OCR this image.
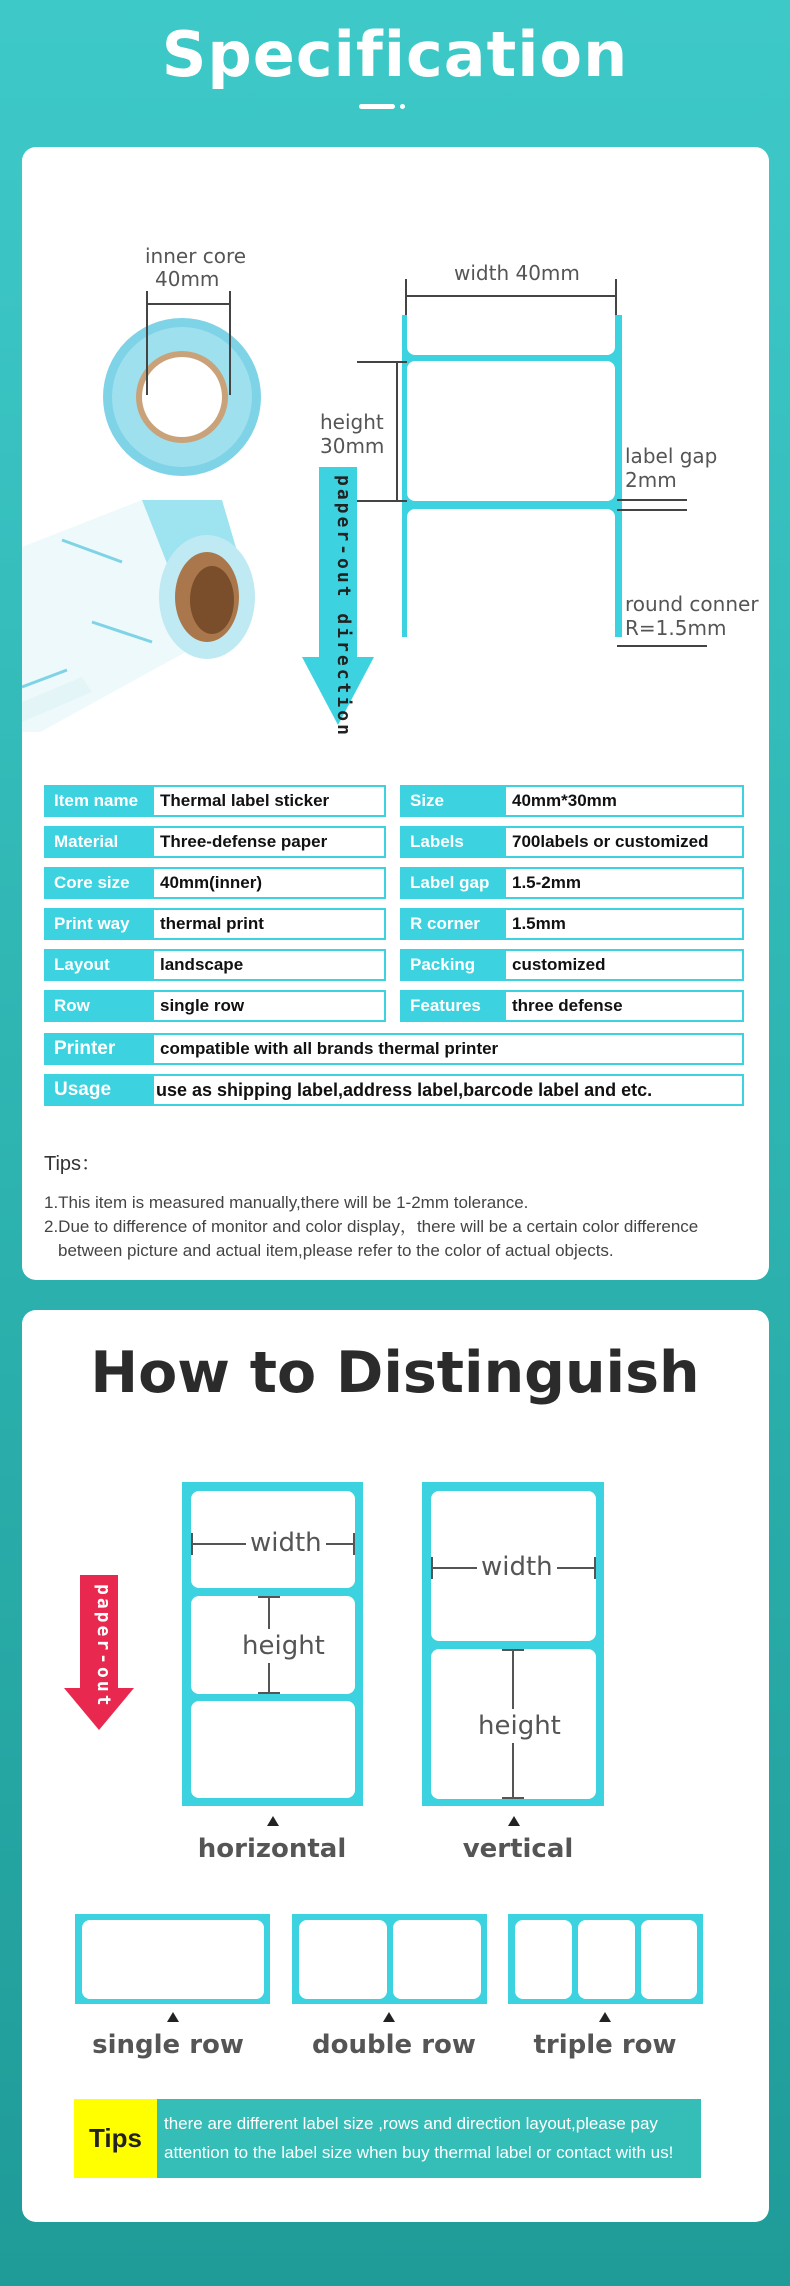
Specification
inner core
40mm
paper-out direction
width 40mm
height
30mm	label gap
2mm
round conner
R=1.5mm
Item name	Thermal label sticker	Size	40mm*30mm
Material	Three-defense paper	Labels	700labels or customized
Core size	40mm(inner)	Label gap	1.5-2mm
Print way	thermal print	R corner	1.5mm
Layout	landscape	Packing	customized
Row	single row	Features	three defense
Printer	compatible with all brands thermal printer
Usage	use as shipping label,address label,barcode label and etc.
Tips：
1.This item is measured manually,there will be 1-2mm tolerance.
2.Due to difference of monitor and color display，there will be a certain color difference
between picture and actual item,please refer to the color of actual objects.
How to Distinguish
paper-out
width
height
horizontal
width
height
vertical
single row	double row	triple row
Tips	there are different label size ,rows and direction layout,please pay
attention to the label size when buy thermal label or contact with us!
